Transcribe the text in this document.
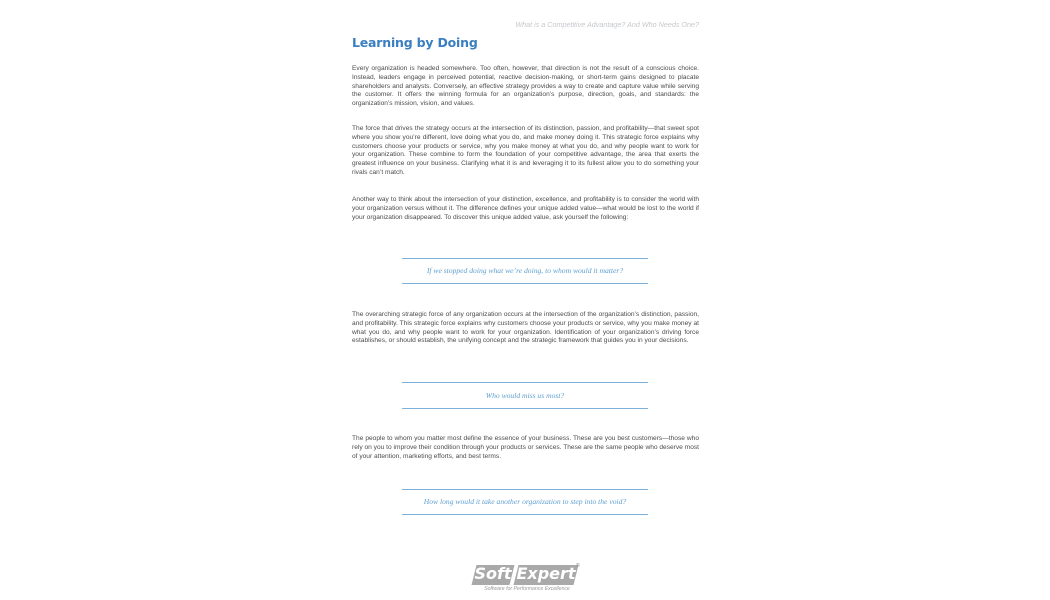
What is a Competitive Advantage? And Who Needs One?
Learning by Doing

Every organization is headed somewhere. Too often, however, that direction is not the result of a conscious choice. Instead, leaders engage in perceived potential, reactive decision-making, or short-term gains designed to placate shareholders and analysts. Conversely, an effective strategy provides a way to create and capture value while serving the customer. It offers the winning formula for an organization’s purpose, direction, goals, and standards: the organization’s mission, vision, and values.

The force that drives the strategy occurs at the intersection of its distinction, passion, and profitability—that sweet spot where you show you’re different, love doing what you do, and make money doing it. This strategic force explains why customers choose your products or service, why you make money at what you do, and why people want to work for your organization. These combine to form the foundation of your competitive advantage, the area that exerts the greatest influence on your business. Clarifying what it is and leveraging it to its fullest allow you to do something your rivals can’t match.

Another way to think about the intersection of your distinction, excellence, and profitability is to consider the world with your organization versus without it. The difference defines your unique added value—what would be lost to the world if your organization disappeared. To discover this unique added value, ask yourself the following:

If we stopped doing what we’re doing, to whom would it matter?

The overarching strategic force of any organization occurs at the intersection of the organization’s distinction, passion, and profitability. This strategic force explains why customers choose your products or service, why you make money at what you do, and why people want to work for your organization. Identification of your organization’s driving force establishes, or should establish, the unifying concept and the strategic framework that guides you in your decisions.

Who would miss us most?

The people to whom you matter most define the essence of your business. These are you best customers—those who rely on you to improve their condition through your products or services. These are the same people who deserve most of your attention, marketing efforts, and best terms.

How long would it take another organization to step into the void?
Soft Expert ®
Software for Performance Excellence
